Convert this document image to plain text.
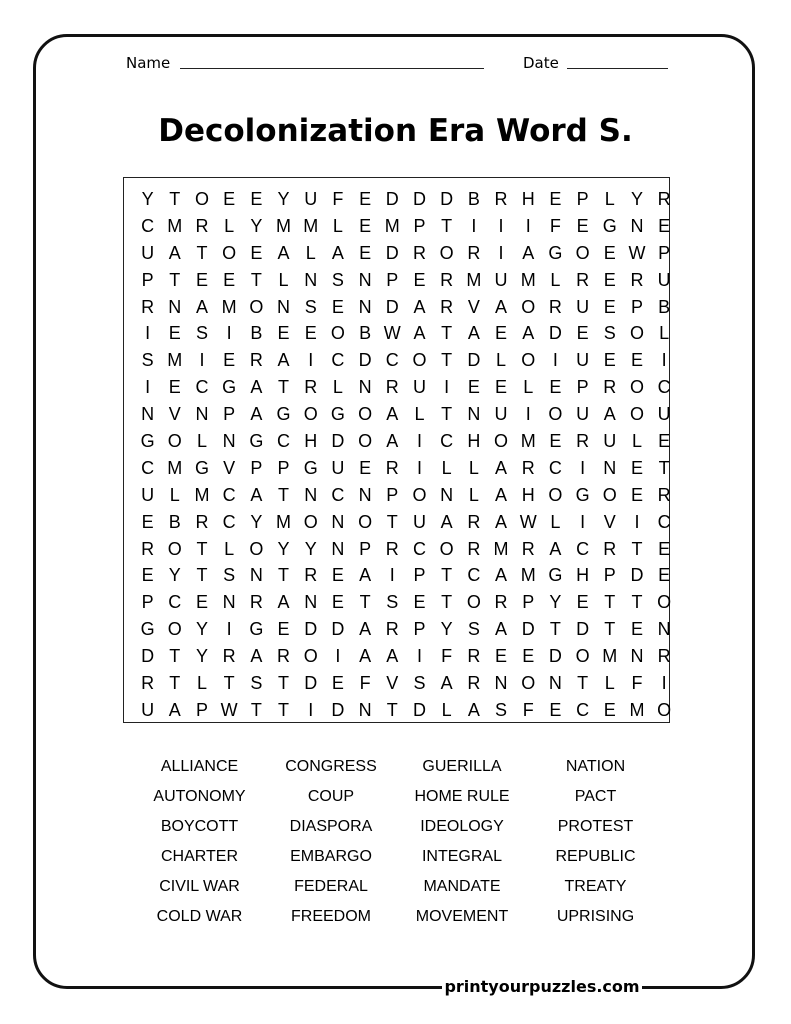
Name	Date
Decolonization Era Word S.
Y T O E E Y U F E D D D B R H E P L Y R
C M R L Y M M L E M P T	I	I	I	F E G N E
U A T O E A L A E D R O R	I	A G O E W P
P T E E T L N S N P E R M U M L R E R U
R N A M O N S E N D A R V A O R U E P B
I	E S	I	B E E O B W A T A E A D E S O L
S M I	E R A	I	C D C O T D L O I	U E E	I
I	E C G A T R L N R U	I	E E L E P R O C
N V N P A G O G O A L T N U	I O U A O U
G O L N G C H D O A	I	C H O M E R U L E
C M G V P P G U E R	I	L L A R C	I	N E T
U L M C A T N C N P O N L A H O G O E R
E B R C Y M O N O T U A R A W L	I	V	I	C
R O T L O Y Y N P R C O R M R A C R T E
E Y T S N T R E A	I	P T C A M G H P D E
P C E N R A N E T S E T O R P Y E T T O
G O Y	I G E D D A R P Y S A D T D T E N
D T Y R A R O I	A A	I	F R E E D O M N R
R T L T S T D E F V S A R N O N T L F	I
U A P W T T	I	D N T D L A S F E C E M O
ALLIANCE	CONGRESS	GUERILLA	NATION
AUTONOMY	COUP	HOME RULE	PACT
BOYCOTT	DIASPORA	IDEOLOGY	PROTEST
CHARTER	EMBARGO	INTEGRAL	REPUBLIC
CIVIL WAR	FEDERAL	MANDATE	TREATY
COLD WAR	FREEDOM	MOVEMENT	UPRISING
printyourpuzzles.com
